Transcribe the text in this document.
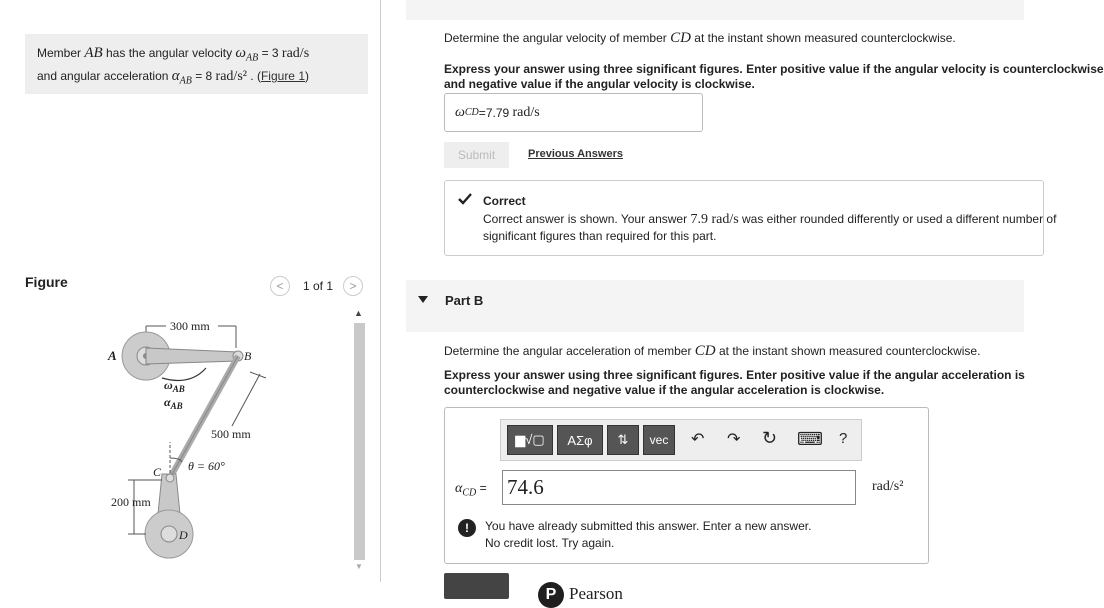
Member AB has the angular velocity $\omega_{AB} = 3$ rad/s
and angular acceleration $\alpha_{AB} = 8$ rad/s² . (Figure 1)
Figure	< 1 of 1 >
300 mm
A	B
$\omega_{AB}$
$\alpha_{AB}$
500 mm
θ = 60°
C
D
200 mm
▲
▼
Determine the angular velocity of member CD at the instant shown measured counterclockwise.
Express your answer using three significant figures. Enter positive value if the angular velocity is counterclockwise
and negative value if the angular velocity is clockwise.
ω CD = 7.79
rad/s
Submit	Previous Answers
Correct
Correct answer is shown. Your answer 7.9 rad/s was either rounded differently or used a different number of
significant figures than required for this part.
Part B
Determine the angular acceleration of member CD at the instant shown measured counterclockwise.
Express your answer using three significant figures. Enter positive value if the angular acceleration is
counterclockwise and negative value if the angular acceleration is clockwise.
▆√▢	ΑΣφ	⇅	vec	↶ ↷ ↻ ⌨ ?
$\alpha_{CD} = 74.6$	rad/s²
!	You have already submitted this answer. Enter a new answer.
No credit lost. Try again.
P Pearson
